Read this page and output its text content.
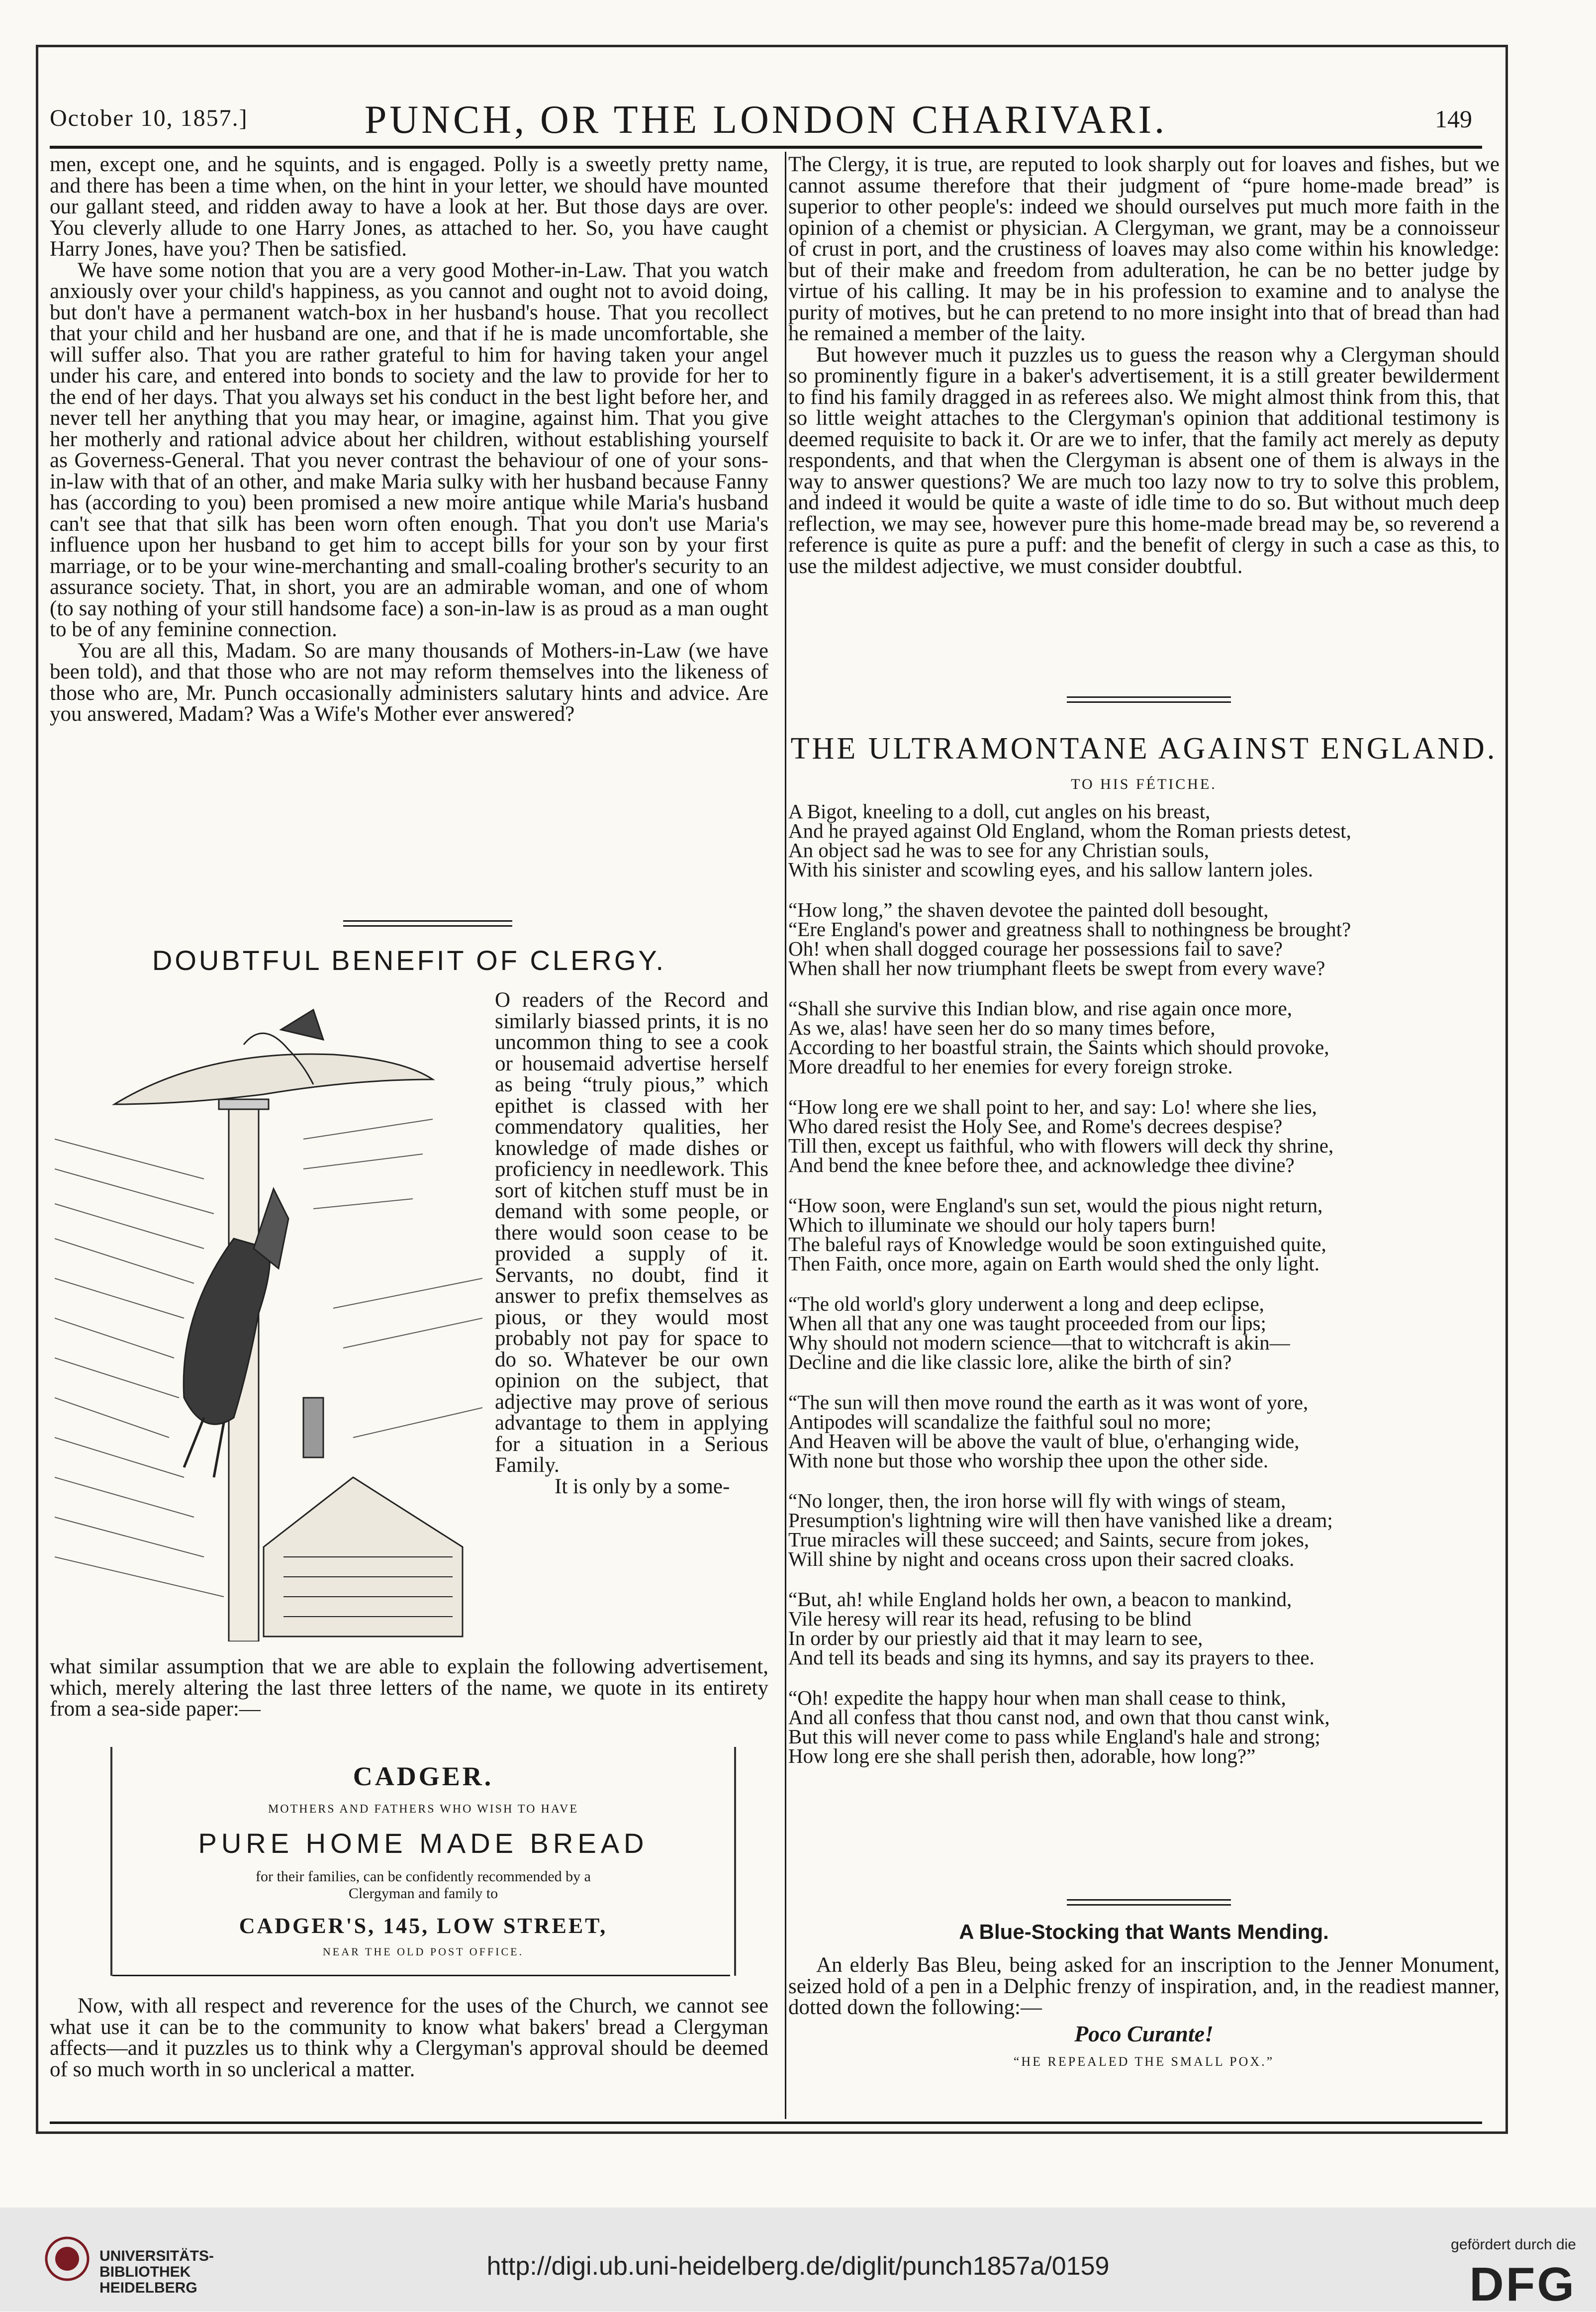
October 10, 1857.]	PUNCH, OR THE LONDON CHARIVARI.	149

men, except one, and he squints, and is engaged. Polly is a sweetly pretty name, and there has been a time when, on the hint in your letter, we should have mounted our gallant steed, and ridden away to have a look at her. But those days are over. You cleverly allude to one Harry Jones, as attached to her. So, you have caught Harry Jones, have you? Then be satisfied.

We have some notion that you are a very good Mother-in-Law. That you watch anxiously over your child's happiness, as you cannot and ought not to avoid doing, but don't have a permanent watch-box in her husband's house. That you recollect that your child and her husband are one, and that if he is made uncomfortable, she will suffer also. That you are rather grateful to him for having taken your angel under his care, and entered into bonds to society and the law to provide for her to the end of her days. That you always set his conduct in the best light before her, and never tell her anything that you may hear, or imagine, against him. That you give her motherly and rational advice about her children, without establishing yourself as Governess-General. That you never contrast the behaviour of one of your sons-in-law with that of an other, and make Maria sulky with her husband because Fanny has (according to you) been promised a new moire antique while Maria's husband can't see that that silk has been worn often enough. That you don't use Maria's influence upon her husband to get him to accept bills for your son by your first marriage, or to be your wine-merchanting and small-coaling brother's security to an assurance society. That, in short, you are an admirable woman, and one of whom (to say nothing of your still handsome face) a son-in-law is as proud as a man ought to be of any feminine connection.

You are all this, Madam. So are many thousands of Mothers-in-Law (we have been told), and that those who are not may reform themselves into the likeness of those who are, Mr. Punch occasionally administers salutary hints and advice. Are you answered, Madam? Was a Wife's Mother ever answered?

DOUBTFUL BENEFIT OF CLERGY.

O readers of the Record and similarly biassed prints, it is no uncommon thing to see a cook or housemaid advertise herself as being “truly pious,” which epithet is classed with her commendatory qualities, her knowledge of made dishes or proficiency in needlework. This sort of kitchen stuff must be in demand with some people, or there would soon cease to be provided a supply of it. Servants, no doubt, find it answer to prefix themselves as pious, or they would most probably not pay for space to do so. Whatever be our own opinion on the subject, that adjective may prove of serious advantage to them in applying for a situation in a Serious Family.

It is only by a some-

what similar assumption that we are able to explain the following advertisement, which, merely altering the last three letters of the name, we quote in its entirety from a sea-side paper:—

CADGER.
MOTHERS AND FATHERS WHO WISH TO HAVE
PURE HOME MADE BREAD
for their families, can be confidently recommended by a Clergyman and family to
CADGER'S, 145, LOW STREET,
NEAR THE OLD POST OFFICE.

Now, with all respect and reverence for the uses of the Church, we cannot see what use it can be to the community to know what bakers' bread a Clergyman affects—and it puzzles us to think why a Clergyman's approval should be deemed of so much worth in so unclerical a matter.

The Clergy, it is true, are reputed to look sharply out for loaves and fishes, but we cannot assume therefore that their judgment of “pure home-made bread” is superior to other people's: indeed we should ourselves put much more faith in the opinion of a chemist or physician. A Clergyman, we grant, may be a connoisseur of crust in port, and the crustiness of loaves may also come within his knowledge: but of their make and freedom from adulteration, he can be no better judge by virtue of his calling. It may be in his profession to examine and to analyse the purity of motives, but he can pretend to no more insight into that of bread than had he remained a member of the laity.

But however much it puzzles us to guess the reason why a Clergyman should so prominently figure in a baker's advertisement, it is a still greater bewilderment to find his family dragged in as referees also. We might almost think from this, that so little weight attaches to the Clergyman's opinion that additional testimony is deemed requisite to back it. Or are we to infer, that the family act merely as deputy respondents, and that when the Clergyman is absent one of them is always in the way to answer questions? We are much too lazy now to try to solve this problem, and indeed it would be quite a waste of idle time to do so. But without much deep reflection, we may see, however pure this home-made bread may be, so reverend a reference is quite as pure a puff: and the benefit of clergy in such a case as this, to use the mildest adjective, we must consider doubtful.

THE ULTRAMONTANE AGAINST ENGLAND.
TO HIS FÉTICHE.
A Bigot, kneeling to a doll, cut angles on his breast,
And he prayed against Old England, whom the Roman priests detest,
An object sad he was to see for any Christian souls,
With his sinister and scowling eyes, and his sallow lantern joles.
“How long,” the shaven devotee the painted doll besought,
“Ere England's power and greatness shall to nothingness be brought?
Oh! when shall dogged courage her possessions fail to save?
When shall her now triumphant fleets be swept from every wave?
“Shall she survive this Indian blow, and rise again once more,
As we, alas! have seen her do so many times before,
According to her boastful strain, the Saints which should provoke,
More dreadful to her enemies for every foreign stroke.
“How long ere we shall point to her, and say: Lo! where she lies,
Who dared resist the Holy See, and Rome's decrees despise?
Till then, except us faithful, who with flowers will deck thy shrine,
And bend the knee before thee, and acknowledge thee divine?
“How soon, were England's sun set, would the pious night return,
Which to illuminate we should our holy tapers burn!
The baleful rays of Knowledge would be soon extinguished quite,
Then Faith, once more, again on Earth would shed the only light.
“The old world's glory underwent a long and deep eclipse,
When all that any one was taught proceeded from our lips;
Why should not modern science—that to witchcraft is akin—
Decline and die like classic lore, alike the birth of sin?
“The sun will then move round the earth as it was wont of yore,
Antipodes will scandalize the faithful soul no more;
And Heaven will be above the vault of blue, o'erhanging wide,
With none but those who worship thee upon the other side.
“No longer, then, the iron horse will fly with wings of steam,
Presumption's lightning wire will then have vanished like a dream;
True miracles will these succeed; and Saints, secure from jokes,
Will shine by night and oceans cross upon their sacred cloaks.
“But, ah! while England holds her own, a beacon to mankind,
Vile heresy will rear its head, refusing to be blind
In order by our priestly aid that it may learn to see,
And tell its beads and sing its hymns, and say its prayers to thee.
“Oh! expedite the happy hour when man shall cease to think,
And all confess that thou canst nod, and own that thou canst wink,
But this will never come to pass while England's hale and strong;
How long ere she shall perish then, adorable, how long?”
A Blue-Stocking that Wants Mending.

An elderly Bas Bleu, being asked for an inscription to the Jenner Monument, seized hold of a pen in a Delphic frenzy of inspiration, and, in the readiest manner, dotted down the following:—

Poco Curante!
“HE REPEALED THE SMALL POX.”
UNIVERSITÄTS-
BIBLIOTHEK
HEIDELBERG
http://digi.ub.uni-heidelberg.de/diglit/punch1857a/0159
gefördert durch die
DFG
